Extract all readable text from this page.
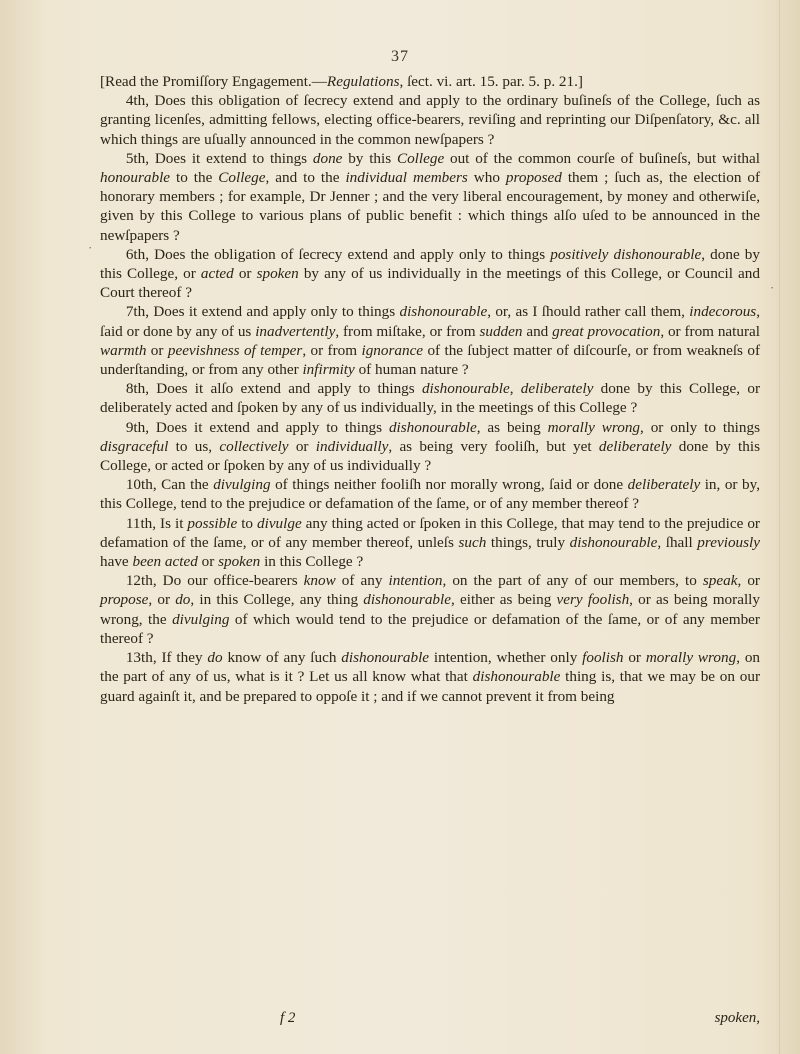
37

[Read the Promiſſory Engagement.—Regulations, ſect. vi. art. 15. par. 5. p. 21.]

4th, Does this obligation of ſecrecy extend and apply to the ordinary buſineſs of the College, ſuch as granting licenſes, admitting fellows, electing office-bearers, reviſing and reprinting our Diſpenſatory, &c. all which things are uſually announced in the common newſpapers ?

5th, Does it extend to things done by this College out of the common courſe of buſineſs, but withal honourable to the College, and to the individual members who proposed them ; ſuch as, the election of honorary members ; for example, Dr Jenner ; and the very liberal encouragement, by money and otherwiſe, given by this College to various plans of public benefit : which things alſo uſed to be announced in the newſpapers ?

6th, Does the obligation of ſecrecy extend and apply only to things positively dishonourable, done by this College, or acted or spoken by any of us individually in the meetings of this College, or Council and Court thereof ?

7th, Does it extend and apply only to things dishonourable, or, as I ſhould rather call them, indecorous, ſaid or done by any of us inadvertently, from miſtake, or from sudden and great provocation, or from natural warmth or peevishness of temper, or from ignorance of the ſubject matter of diſcourſe, or from weakneſs of underſtanding, or from any other infirmity of human nature ?

8th, Does it alſo extend and apply to things dishonourable, deliberately done by this College, or deliberately acted and ſpoken by any of us individually, in the meetings of this College ?

9th, Does it extend and apply to things dishonourable, as being morally wrong, or only to things disgraceful to us, collectively or individually, as being very fooliſh, but yet deliberately done by this College, or acted or ſpoken by any of us individually ?

10th, Can the divulging of things neither fooliſh nor morally wrong, ſaid or done deliberately in, or by, this College, tend to the prejudice or defamation of the ſame, or of any member thereof ?

11th, Is it possible to divulge any thing acted or ſpoken in this College, that may tend to the prejudice or defamation of the ſame, or of any member thereof, unleſs such things, truly dishonourable, ſhall previously have been acted or spoken in this College ?

12th, Do our office-bearers know of any intention, on the part of any of our members, to speak, or propose, or do, in this College, any thing dishonourable, either as being very foolish, or as being morally wrong, the divulging of which would tend to the prejudice or defamation of the ſame, or of any member thereof ?

13th, If they do know of any ſuch dishonourable intention, whether only foolish or morally wrong, on the part of any of us, what is it ? Let us all know what that dishonourable thing is, that we may be on our guard againſt it, and be prepared to oppoſe it ; and if we cannot prevent it from being

f 2	spoken,
·
·
